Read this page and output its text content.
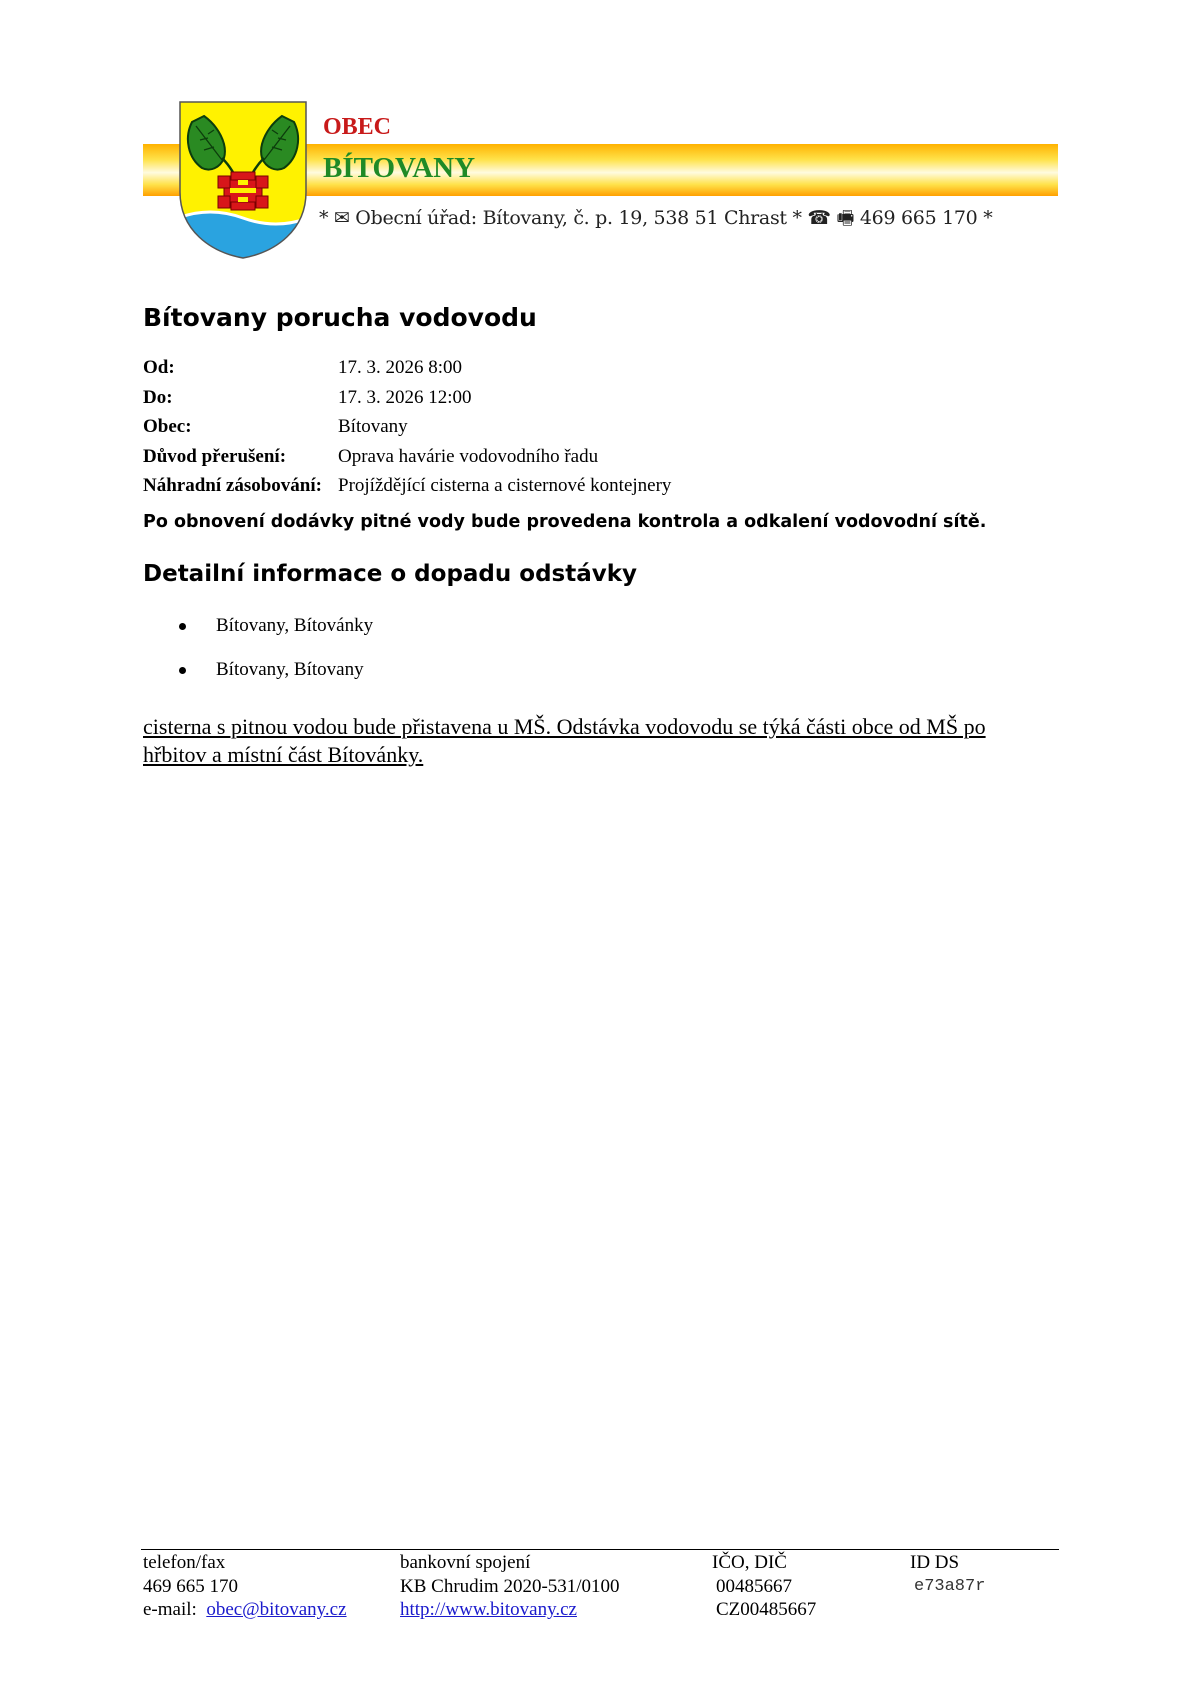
OBEC
BÍTOVANY
* ✉ Obecní úřad: Bítovany, č. p. 19, 538 51 Chrast * ☎ 🖷 469 665 170 *
Bítovany porucha vodovodu
Od:	17. 3. 2026 8:00
Do:	17. 3. 2026 12:00
Obec:	Bítovany
Důvod přerušení:	Oprava havárie vodovodního řadu
Náhradní zásobování: Projíždějící cisterna a cisternové kontejnery
Po obnovení dodávky pitné vody bude provedena kontrola a odkalení vodovodní sítě.
Detailní informace o dopadu odstávky
Bítovany, Bítovánky
Bítovany, Bítovany
cisterna s pitnou vodou bude přistavena u MŠ. Odstávka vodovodu se týká části obce od MŠ po hřbitov a místní část Bítovánky.
telefon/fax
469 665 170
e-mail: obec@bitovany.cz
bankovní spojení
KB Chrudim 2020-531/0100
http://www.bitovany.cz
IČO, DIČ
00485667
CZ00485667
ID DS
e73a87r
